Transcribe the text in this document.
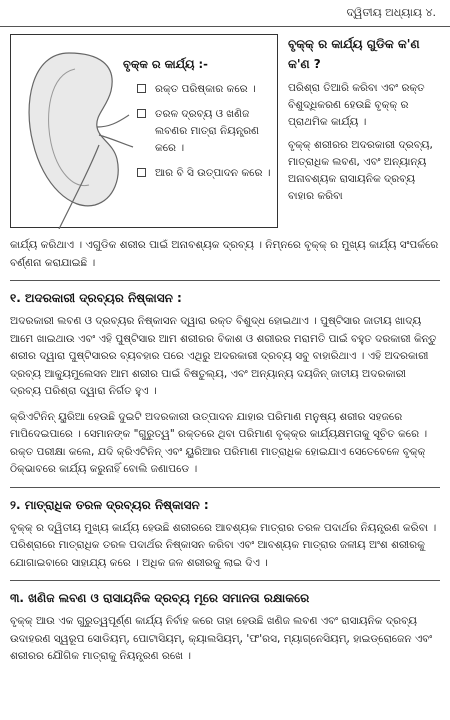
ଦ୍ୱିତୀୟ ଅଧ୍ୟାୟ ୪.
ବୃକ୍‌କ ର କାର୍ଯ୍ୟ :-
ରକ୍ତ ପରିଷ୍କାର କରେ ।
ତରଳ ଦ୍ରବ୍ୟ ଓ ଖଣିଜ ଲବଣର ମାତ୍ରା ନିୟନ୍ତ୍ରଣ କରେ ।
ଆର ବି ସି ଉତ୍ପାଦନ କରେ ।
ବୃକ୍‌କ୍ ର କାର୍ଯ୍ୟ ଗୁଡିକ କ'ଣ କ'ଣ ?

ପରିଶ୍ରା ତିଆରି କରିବା ଏବଂ ରକ୍ତ ବିଶୁଦ୍ଧିକରଣ ହେଉଛି ବୃକ୍‌କ୍ ର ପ୍ରାଥମିକ କାର୍ଯ୍ୟ ।

ବୃକ୍‌କ୍ ଶରୀରର ଅଦରକାରୀ ଦ୍ରବ୍ୟ, ମାତ୍ରାଧିକ ଲବଣ, ଏବଂ ଅନ୍ୟାନ୍ୟ ଅନାବଶ୍ୟକ ରାସାୟନିକ ଦ୍ରବ୍ୟ ବାହାର କରିବା

କାର୍ଯ୍ୟ କରିଥାଏ । ଏଗୁଡିକ ଶରୀର ପାଇଁ ଅନାବଶ୍ୟକ ଦ୍ରବ୍ୟ । ନିମ୍ନରେ ବୃକ୍‌କ୍ ର ମୁଖ୍ୟ କାର୍ଯ୍ୟ ସଂପର୍କରେ ବର୍ଣ୍ଣନା କରାଯାଇଛି ।

୧. ଅଦରକାରୀ ଦ୍ରବ୍ୟର ନିଷ୍କାସନ :

ଅଦରକାରୀ ଲବଣ ଓ ଦ୍ରବ୍ୟର ନିଷ୍କାସନ ଦ୍ୱାରା ରକ୍ତ ବିଶୁଦ୍ଧ ହୋଇଥାଏ । ପୁଷ୍ଟିସାର ଜାତୀୟ ଖାଦ୍ୟ ଆମେ ଖାଇଥାଉ ଏବଂ ଏହି ପୁଷ୍ଟିସାର ଆମ ଶରୀରର ବିକାଶ ଓ ଶରୀରର ମରାମତି ପାଇଁ ବହୁତ ଦରକାରୀ କିନ୍ତୁ ଶରୀର ଦ୍ୱାରା ପୁଷ୍ଟିସାରର ବ୍ୟବହାର ପରେ ଏଥିରୁ ଅଦରକାରୀ ଦ୍ରବ୍ୟ ସବୁ ବାହାରିଥାଏ । ଏହି ଅଦରକାରୀ ଦ୍ରବ୍ୟ ଆକ୍ୟୁମୁଲେସନ ଆମ ଶରୀର ପାଇଁ ବିଷତୁଲ୍ୟ, ଏବଂ ଅନ୍ୟାନ୍ୟ ଦୟଜିନ୍ ଜାତୀୟ ଅଦରକାରୀ ଦ୍ରବ୍ୟ ପରିଶ୍ରା ଦ୍ୱାରା ନିର୍ଗତ ହୁଏ ।

କ୍ରିଏଟିନିନ୍ ୟୁରିଆ ହେଉଛି ଦୁଇଟି ଅଦରକାରୀ ଉତ୍ପାଦନ ଯାହାର ପରିମାଣ ମନୁଷ୍ୟ ଶରୀର ସହଜରେ ମାପିଦେଇପାରେ । ସେମାନଙ୍କ "ଗୁରୁତ୍ୱ" ରକ୍ତରେ ଥିବା ପରିମାଣ ବୃକ୍‌କ୍‌ର କାର୍ଯ୍ୟକ୍ଷମତାକୁ ସୂଚିତ କରେ । ରକ୍ତ ପରୀକ୍ଷା କଲେ, ଯଦି କ୍ରିଏଟିନିନ୍ ଏବଂ ୟୁରିଆର ପରିମାଣ ମାତ୍ରାଧିକ ହୋଇଯାଏ ସେତେବେଳେ ବୃକ୍‌କ୍ ଠିକ୍‌ଭାବରେ କାର୍ଯ୍ୟ କରୁନାହିଁ ବୋଲି ଜଣାପଡେ ।

୨. ମାତ୍ରାଧିକ ତରଳ ଦ୍ରବ୍ୟର ନିଷ୍କାସନ :

ବୃକ୍‌କ୍ ର ଦ୍ୱିତୀୟ ମୁଖ୍ୟ କାର୍ଯ୍ୟ ହେଉଛି ଶରୀରରେ ଆବଶ୍ୟକ ମାତ୍ରାର ତରଳ ପଦାର୍ଥର ନିୟନ୍ତ୍ରଣ କରିବା । ପରିଶ୍ରାରେ ମାତ୍ରାଧିକ ତରଳ ପଦାର୍ଥର ନିଷ୍କାସନ କରିବା ଏବଂ ଆବଶ୍ୟକ ମାତ୍ରାର ଜଳୀୟ ଅଂଶ ଶରୀରକୁ ଯୋଗାଇବାରେ ସାହାଯ୍ୟ କରେ । ଅଧିକ ଜଳ ଶରୀରକୁ ଲାଇ ଦିଏ ।

୩. ଖଣିଜ ଲବଣ ଓ ରାସାୟନିକ ଦ୍ରବ୍ୟ ମୂରେ ସମାନତା ରକ୍ଷାକରେ

ବୃକ୍‌କ୍ ଆଉ ଏକ ଗୁରୁତ୍ୱପୂର୍ଣ୍ଣ କାର୍ଯ୍ୟ ନିର୍ବାହ କରେ ତାହା ହେଉଛି ଖଣିଜ ଲବଣ ଏବଂ ରାସାୟନିକ ଦ୍ରବ୍ୟ ଉଦାହରଣ ସ୍ୱରୂପ ସୋଡିୟମ୍, ପୋଟାସିୟମ୍, କ୍ୟାଲସିୟମ୍, 'ଫ'ରସ, ମ୍ୟାଗ୍ନେସିୟମ୍, ହାଇଡ୍ରୋଜେନ ଏବଂ ଶରୀରର ଯୌଗିକ ମାତ୍ରାକୁ ନିୟନ୍ତ୍ରଣ ରଖେ ।
